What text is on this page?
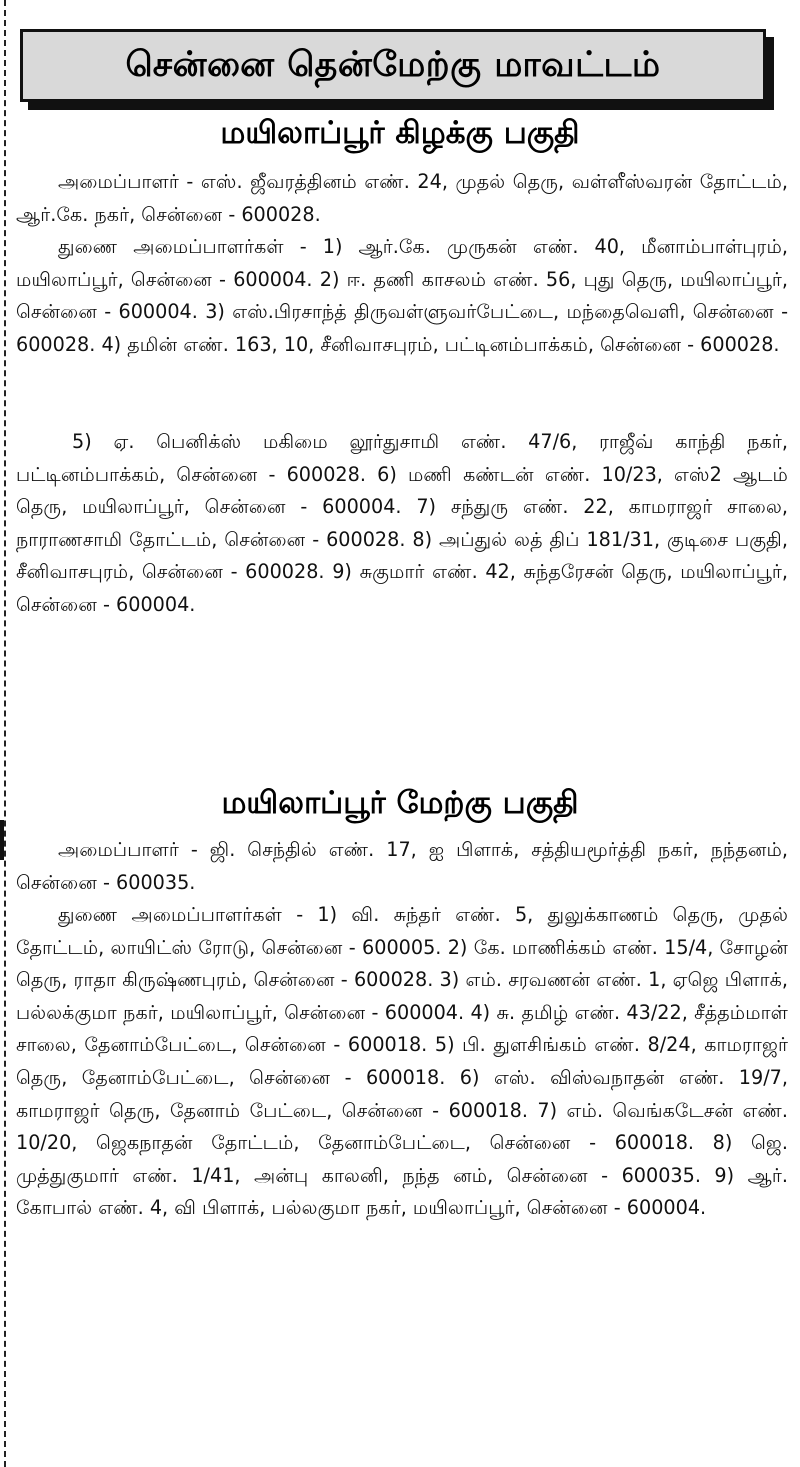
சென்னை தென்மேற்கு மாவட்டம்
மயிலாப்பூர் கிழக்கு பகுதி

அமைப்பாளர் - எஸ். ஜீவரத்தினம் எண். 24, முதல் தெரு, வள்ளீஸ்வரன் தோட்டம், ஆர்.கே. நகர், சென்னை - 600028.

துணை அமைப்பாளர்கள் - 1) ஆர்.கே. முருகன் எண். 40, மீனாம்பாள்புரம், மயிலாப்பூர், சென்னை - 600004. 2) ஈ. தணி காசலம் எண். 56, புது தெரு, மயிலாப்பூர், சென்னை - 600004. 3) எஸ்.பிரசாந்த் திருவள்ளுவர்பேட்டை, மந்தைவெளி, சென்னை - 600028. 4) தமின் எண். 163, 10, சீனிவாசபுரம், பட்டினம்பாக்கம், சென்னை - 600028.

5) ஏ. பெனிக்ஸ் மகிமை லூர்துசாமி எண். 47/6, ராஜீவ் காந்தி நகர், பட்டினம்பாக்கம், சென்னை - 600028. 6) மணி கண்டன் எண். 10/23, எஸ்2 ஆடம் தெரு, மயிலாப்பூர், சென்னை - 600004. 7) சந்துரு எண். 22, காமராஜர் சாலை, நாராணசாமி தோட்டம், சென்னை - 600028. 8) அப்துல் லத் திப் 181/31, குடிசை பகுதி, சீனிவாசபுரம், சென்னை - 600028. 9) சுகுமார் எண். 42, சுந்தரேசன் தெரு, மயிலாப்பூர், சென்னை - 600004.

மயிலாப்பூர் மேற்கு பகுதி

அமைப்பாளர் - ஜி. செந்தில் எண். 17, ஐ பிளாக், சத்தியமூர்த்தி நகர், நந்தனம், சென்னை - 600035.

துணை அமைப்பாளர்கள் - 1) வி. சுந்தர் எண். 5, துலுக்காணம் தெரு, முதல் தோட்டம், லாயிட்ஸ் ரோடு, சென்னை - 600005. 2) கே. மாணிக்கம் எண். 15/4, சோழன் தெரு, ராதா கிருஷ்ணபுரம், சென்னை - 600028. 3) எம். சரவணன் எண். 1, ஏஜெ பிளாக், பல்லக்குமா நகர், மயிலாப்பூர், சென்னை - 600004. 4) சு. தமிழ் எண். 43/22, சீத்தம்மாள் சாலை, தேனாம்பேட்டை, சென்னை - 600018. 5) பி. துளசிங்கம் எண். 8/24, காமராஜர் தெரு, தேனாம்பேட்டை, சென்னை - 600018. 6) எஸ். விஸ்வநாதன் எண். 19/7, காமராஜர் தெரு, தேனாம் பேட்டை, சென்னை - 600018. 7) எம். வெங்கடேசன் எண். 10/20, ஜெகநாதன் தோட்டம், தேனாம்பேட்டை, சென்னை - 600018. 8) ஜெ. முத்துகுமார் எண். 1/41, அன்பு காலனி, நந்த னம், சென்னை - 600035. 9) ஆர். கோபால் எண். 4, வி பிளாக், பல்லகுமா நகர், மயிலாப்பூர், சென்னை - 600004.
